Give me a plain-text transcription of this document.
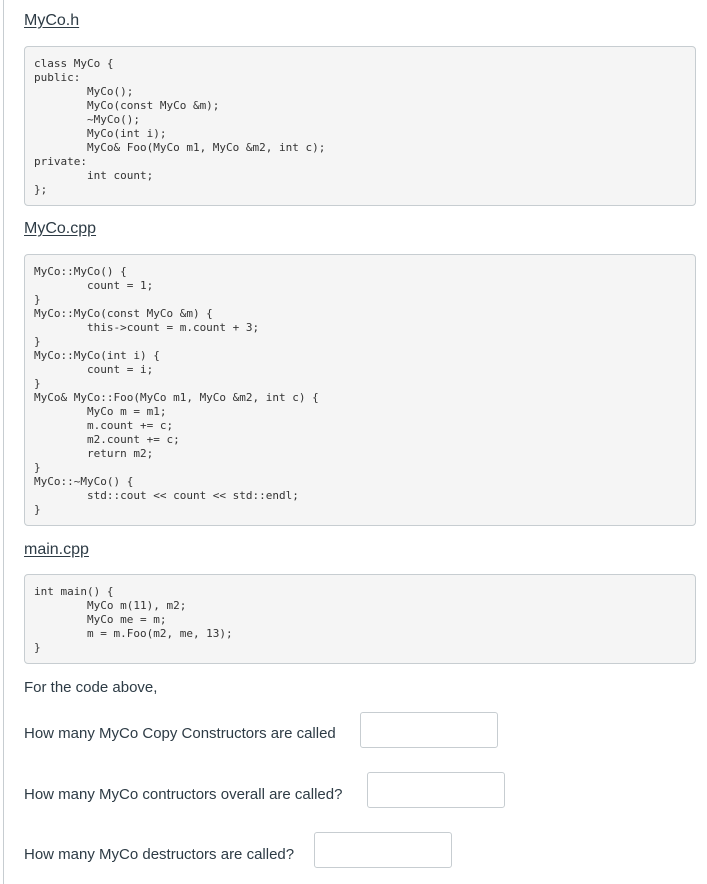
MyCo.h
class MyCo {
public:
MyCo();
MyCo(const MyCo &m);
~MyCo();
MyCo(int i);
MyCo& Foo(MyCo m1, MyCo &m2, int c);
private:
int count;
};
MyCo.cpp
MyCo::MyCo() {
count = 1;
}
MyCo::MyCo(const MyCo &m) {
this->count = m.count + 3;
}
MyCo::MyCo(int i) {
count = i;
}
MyCo& MyCo::Foo(MyCo m1, MyCo &m2, int c) {
MyCo m = m1;
m.count += c;
m2.count += c;
return m2;
}
MyCo::~MyCo() {
std::cout << count << std::endl;
}
main.cpp
int main() {
MyCo m(11), m2;
MyCo me = m;
m = m.Foo(m2, me, 13);
}
For the code above,
How many MyCo Copy Constructors are called
How many MyCo contructors overall are called?
How many MyCo destructors are called?
